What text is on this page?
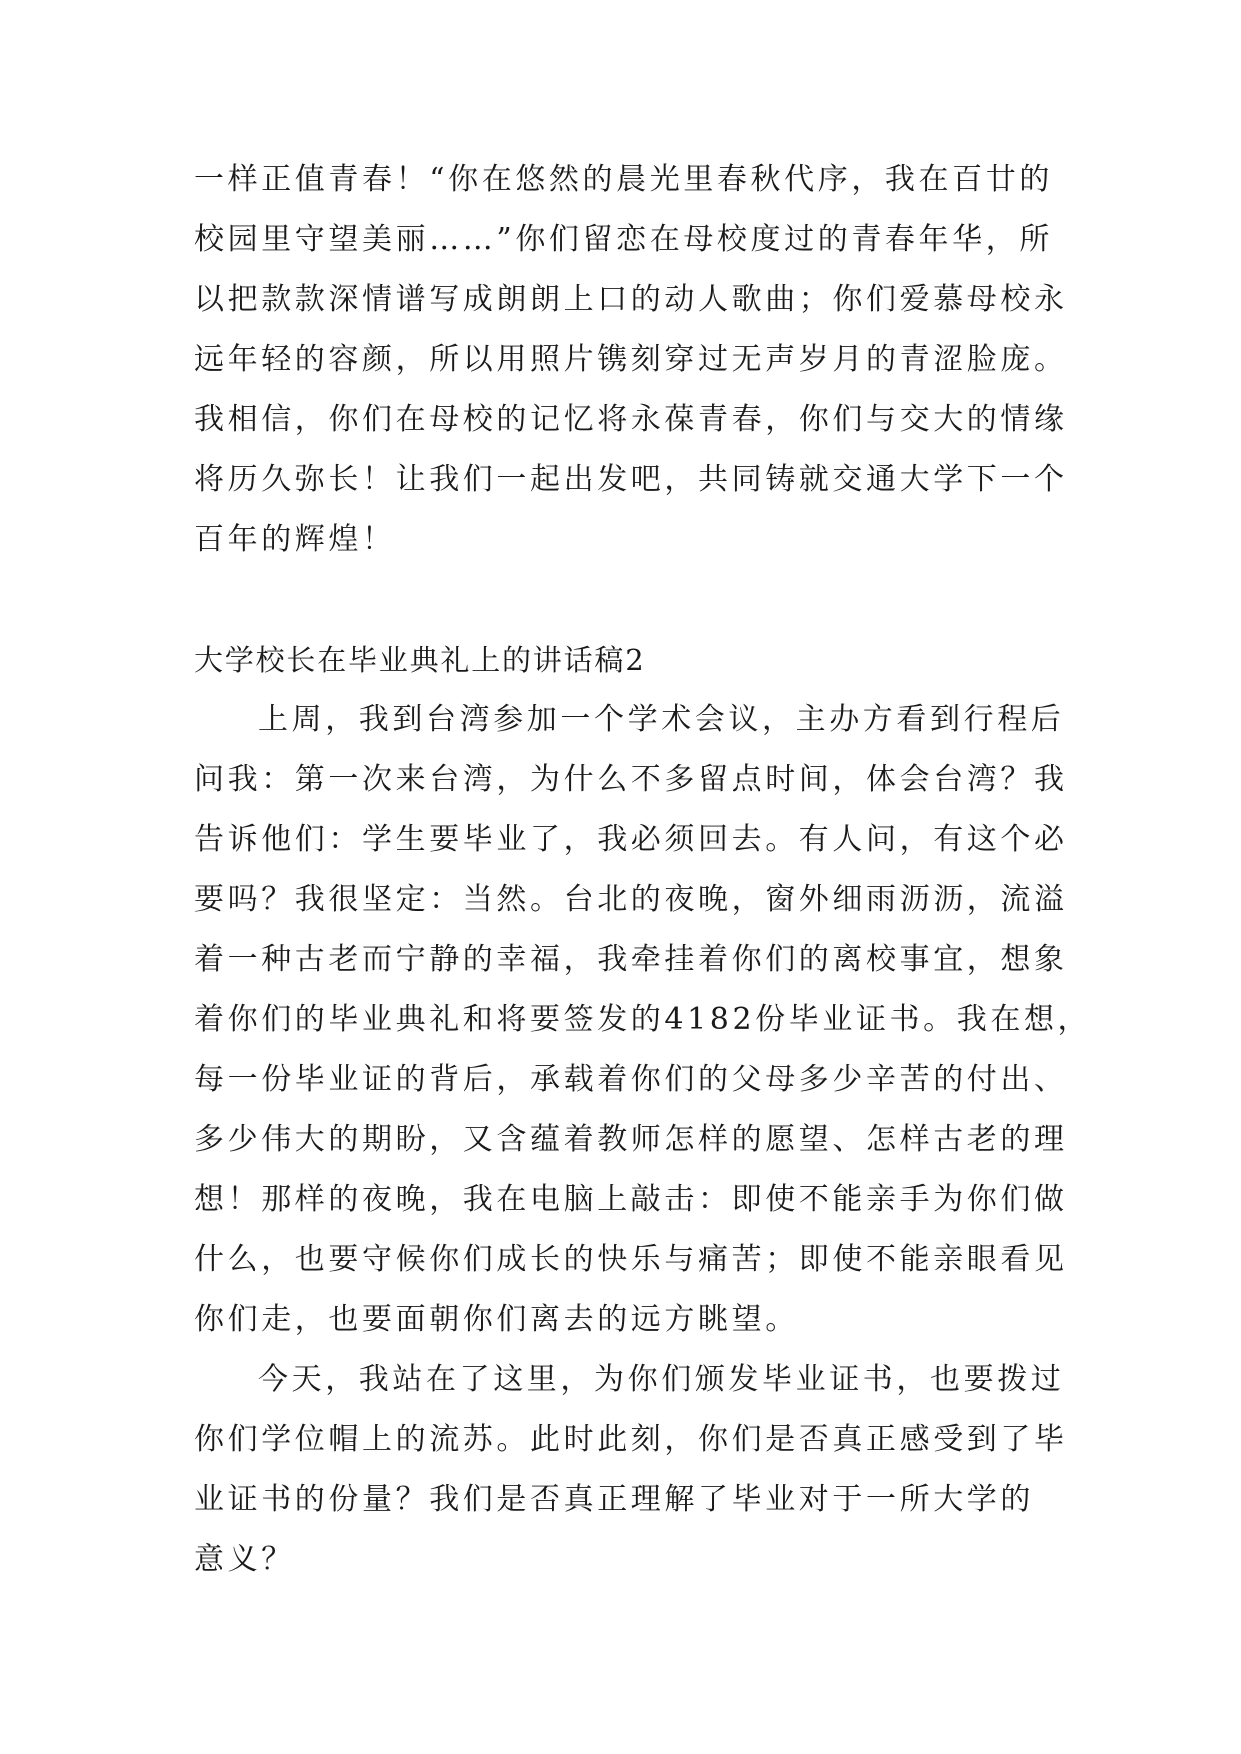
一样正值青春！“你在悠然的晨光里春秋代序，我在百廿的
校园里守望美丽……”你们留恋在母校度过的青春年华，所
以把款款深情谱写成朗朗上口的动人歌曲；你们爱慕母校永
远年轻的容颜，所以用照片镌刻穿过无声岁月的青涩脸庞。
我相信，你们在母校的记忆将永葆青春，你们与交大的情缘
将历久弥长！让我们一起出发吧，共同铸就交通大学下一个
百年的辉煌！
大学校长在毕业典礼上的讲话稿2
上周，我到台湾参加一个学术会议，主办方看到行程后
问我：第一次来台湾，为什么不多留点时间，体会台湾？我
告诉他们：学生要毕业了，我必须回去。有人问，有这个必
要吗？我很坚定：当然。台北的夜晚，窗外细雨沥沥，流溢
着一种古老而宁静的幸福，我牵挂着你们的离校事宜，想象
着你们的毕业典礼和将要签发的4182份毕业证书。我在想，
每一份毕业证的背后，承载着你们的父母多少辛苦的付出、
多少伟大的期盼，又含蕴着教师怎样的愿望、怎样古老的理
想！那样的夜晚，我在电脑上敲击：即使不能亲手为你们做
什么，也要守候你们成长的快乐与痛苦；即使不能亲眼看见
你们走，也要面朝你们离去的远方眺望。
今天，我站在了这里，为你们颁发毕业证书，也要拨过
你们学位帽上的流苏。此时此刻，你们是否真正感受到了毕
业证书的份量？我们是否真正理解了毕业对于一所大学的
意义？
